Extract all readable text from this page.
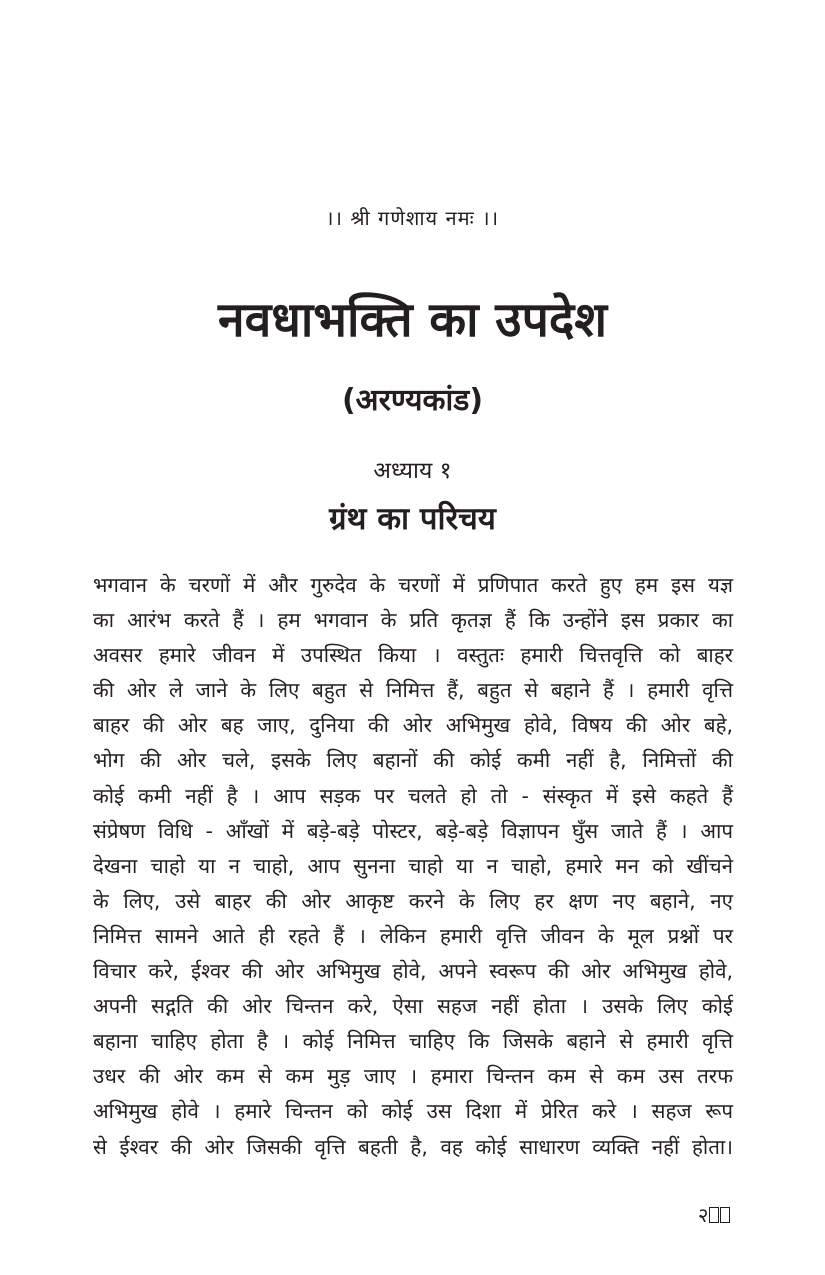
।। श्री गणेशाय नमः ।।
नवधाभक्ति का उपदेश
(अरण्यकांड)
अध्याय १
ग्रंथ का परिचय

भगवान के चरणों में और गुरुदेव के चरणों में प्रणिपात करते हुए हम इस यज्ञ
का आरंभ करते हैं । हम भगवान के प्रति कृतज्ञ हैं कि उन्होंने इस प्रकार का
अवसर हमारे जीवन में उपस्थित किया । वस्तुतः हमारी चित्तवृत्ति को बाहर
की ओर ले जाने के लिए बहुत से निमित्त हैं, बहुत से बहाने हैं । हमारी वृत्ति
बाहर की ओर बह जाए, दुनिया की ओर अभिमुख होवे, विषय की ओर बहे,
भोग की ओर चले, इसके लिए बहानों की कोई कमी नहीं है, निमित्तों की
कोई कमी नहीं है । आप सड़क पर चलते हो तो - संस्कृत में इसे कहते हैं
संप्रेषण विधि - आँखों में बड़े-बड़े पोस्टर, बड़े-बड़े विज्ञापन घुँस जाते हैं । आप
देखना चाहो या न चाहो, आप सुनना चाहो या न चाहो, हमारे मन को खींचने
के लिए, उसे बाहर की ओर आकृष्ट करने के लिए हर क्षण नए बहाने, नए
निमित्त सामने आते ही रहते हैं । लेकिन हमारी वृत्ति जीवन के मूल प्रश्नों पर
विचार करे, ईश्वर की ओर अभिमुख होवे, अपने स्वरूप की ओर अभिमुख होवे,
अपनी सद्गति की ओर चिन्तन करे, ऐसा सहज नहीं होता । उसके लिए कोई
बहाना चाहिए होता है । कोई निमित्त चाहिए कि जिसके बहाने से हमारी वृत्ति
उधर की ओर कम से कम मुड़ जाए । हमारा चिन्तन कम से कम उस तरफ
अभिमुख होवे । हमारे चिन्तन को कोई उस दिशा में प्रेरित करे । सहज रूप
से ईश्वर की ओर जिसकी वृत्ति बहती है, वह कोई साधारण व्यक्ति नहीं होता।

२
